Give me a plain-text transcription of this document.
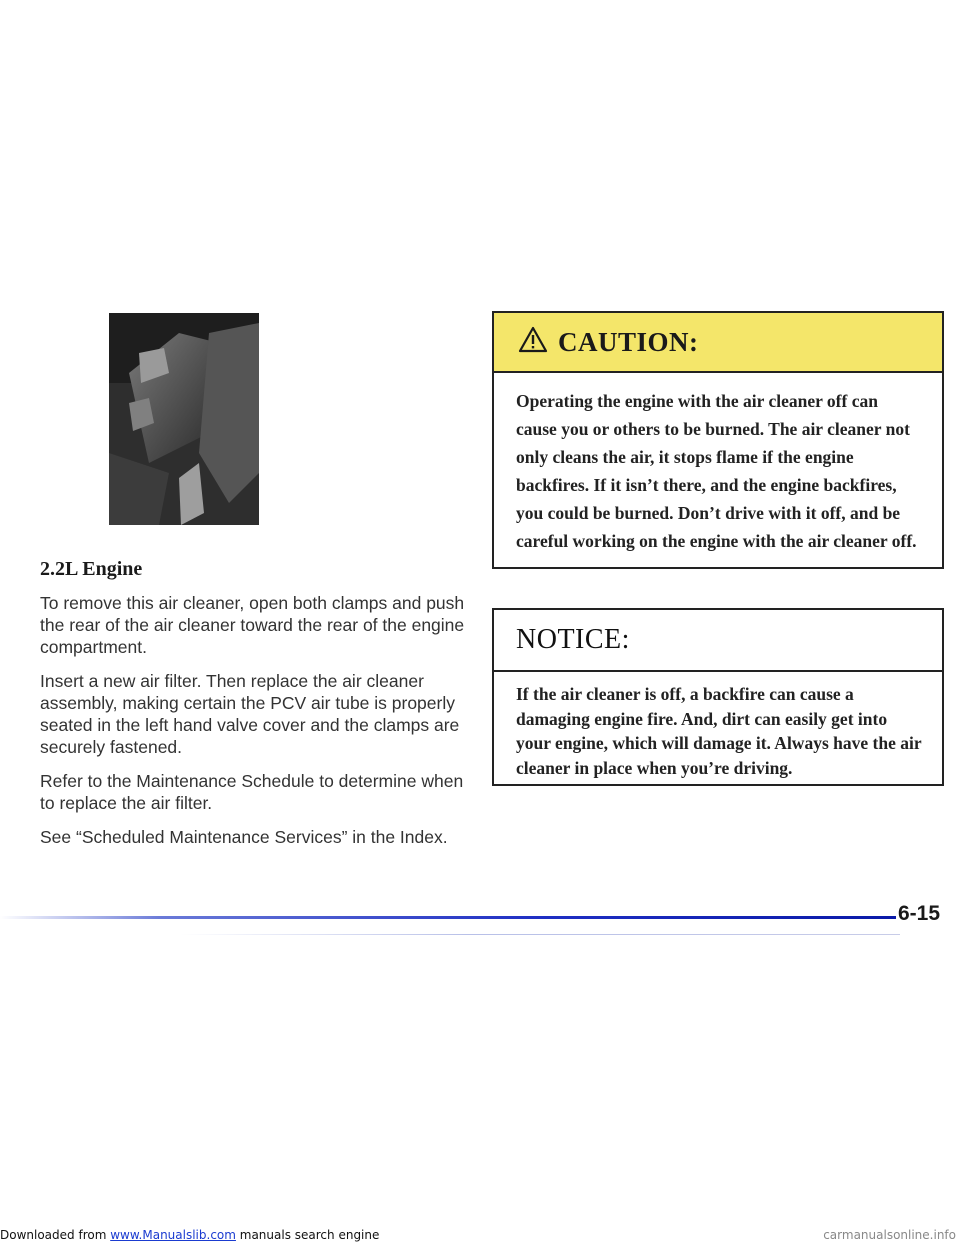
2.2L Engine

To remove this air cleaner, open both clamps and push the rear of the air cleaner toward the rear of the engine compartment.

Insert a new air filter. Then replace the air cleaner assembly, making certain the PCV air tube is properly seated in the left hand valve cover and the clamps are securely fastened.

Refer to the Maintenance Schedule to determine when to replace the air filter.

See “Scheduled Maintenance Services” in the Index.

CAUTION:
Operating the engine with the air cleaner off can cause you or others to be burned. The air cleaner not only cleans the air, it stops flame if the engine backfires. If it isn’t there, and the engine backfires, you could be burned. Don’t drive with it off, and be careful working on the engine with the air cleaner off.
NOTICE:
If the air cleaner is off, a backfire can cause a damaging engine fire. And, dirt can easily get into your engine, which will damage it. Always have the air cleaner in place when you’re driving.
6-15
Downloaded from www.Manualslib.com manuals search engine	carmanualsonline.info
